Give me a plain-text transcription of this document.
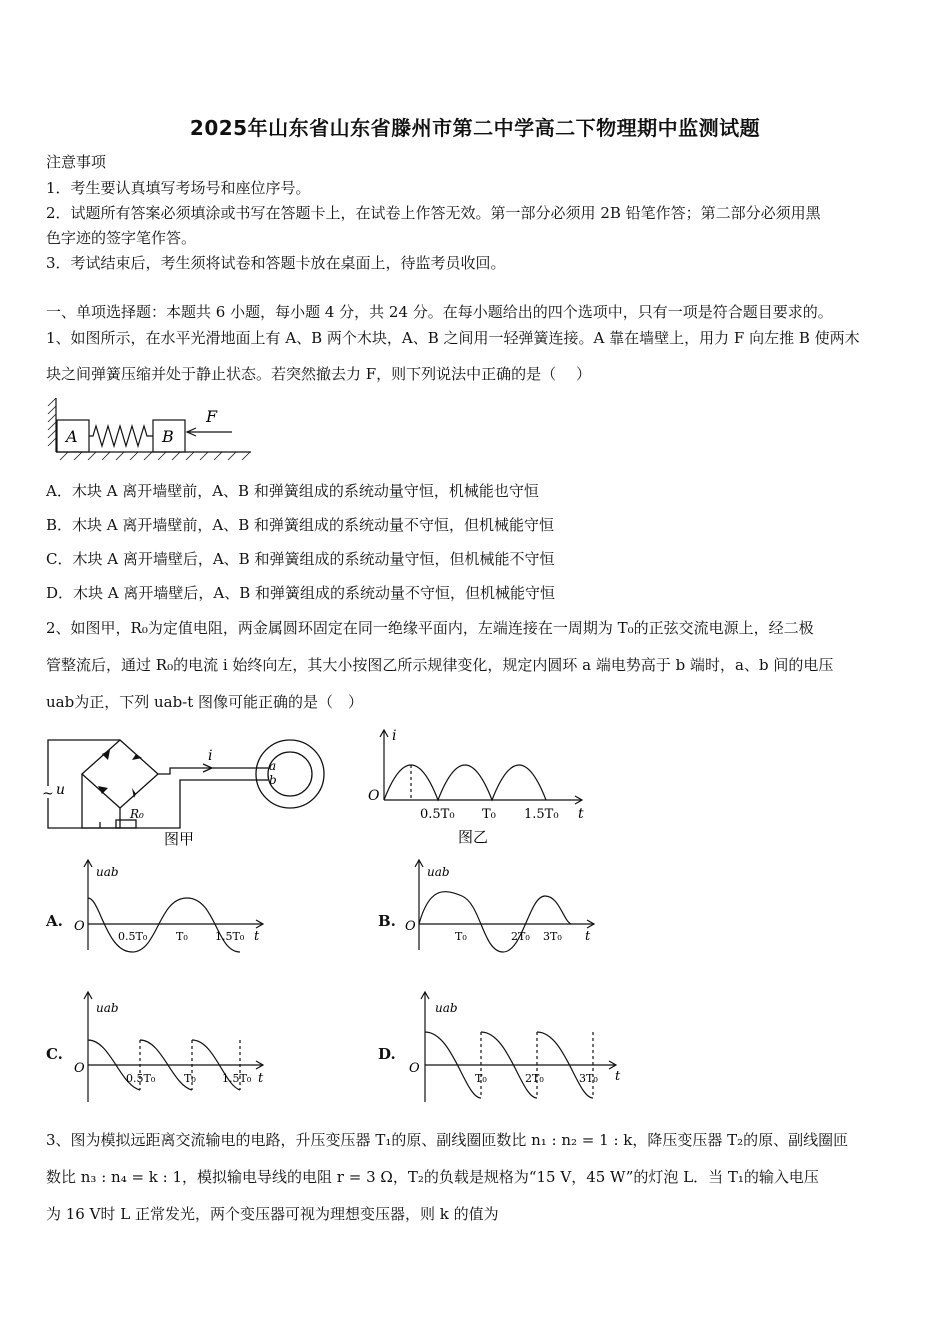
2025年山东省山东省滕州市第二中学高二下物理期中监测试题
注意事项
1．考生要认真填写考场号和座位序号。
2．试题所有答案必须填涂或书写在答题卡上，在试卷上作答无效。第一部分必须用 2B 铅笔作答；第二部分必须用黑
色字迹的签字笔作答。
3．考试结束后，考生须将试卷和答题卡放在桌面上，待监考员收回。
一、单项选择题：本题共 6 小题，每小题 4 分，共 24 分。在每小题给出的四个选项中，只有一项是符合题目要求的。
1、如图所示，在水平光滑地面上有 A、B 两个木块，A、B 之间用一轻弹簧连接。A 靠在墙壁上，用力 F 向左推 B 使两木
块之间弹簧压缩并处于静止状态。若突然撤去力 F，则下列说法中正确的是（　 ）
A	B
F
A．木块 A 离开墙壁前，A、B 和弹簧组成的系统动量守恒，机械能也守恒
B．木块 A 离开墙壁前，A、B 和弹簧组成的系统动量不守恒，但机械能守恒
C．木块 A 离开墙壁后，A、B 和弹簧组成的系统动量守恒，但机械能不守恒
D．木块 A 离开墙壁后，A、B 和弹簧组成的系统动量不守恒，但机械能守恒
2、如图甲，R₀为定值电阻，两金属圆环固定在同一绝缘平面内，左端连接在一周期为 T₀的正弦交流电源上，经二极
管整流后，通过 R₀的电流 i 始终向左，其大小按图乙所示规律变化，规定内圆环 a 端电势高于 b 端时，a、b 间的电压
uab为正，下列 uab-t 图像可能正确的是（　）
~ u
i
R₀
a
b
图甲
i
O
t
0.5T₀ T₀ 1.5T₀
图乙
A.
uab
O
t
0.5T₀	T₀ 1.5T₀
B.
uab
O
t
T₀	2T₀ 3T₀
C.
uab
O
t
0.5T₀	T₀ 1.5T₀
D.
uab
O
t
T₀	2T₀	3T₀
3、图为模拟远距离交流输电的电路，升压变压器 T₁的原、副线圈匝数比 n₁ : n₂ = 1 : k，降压变压器 T₂的原、副线圈匝
数比 n₃ : n₄ = k : 1，模拟输电导线的电阻 r = 3 Ω，T₂的负载是规格为“15 V，45 W”的灯泡 L．当 T₁的输入电压
为 16 V时 L 正常发光，两个变压器可视为理想变压器，则 k 的值为
